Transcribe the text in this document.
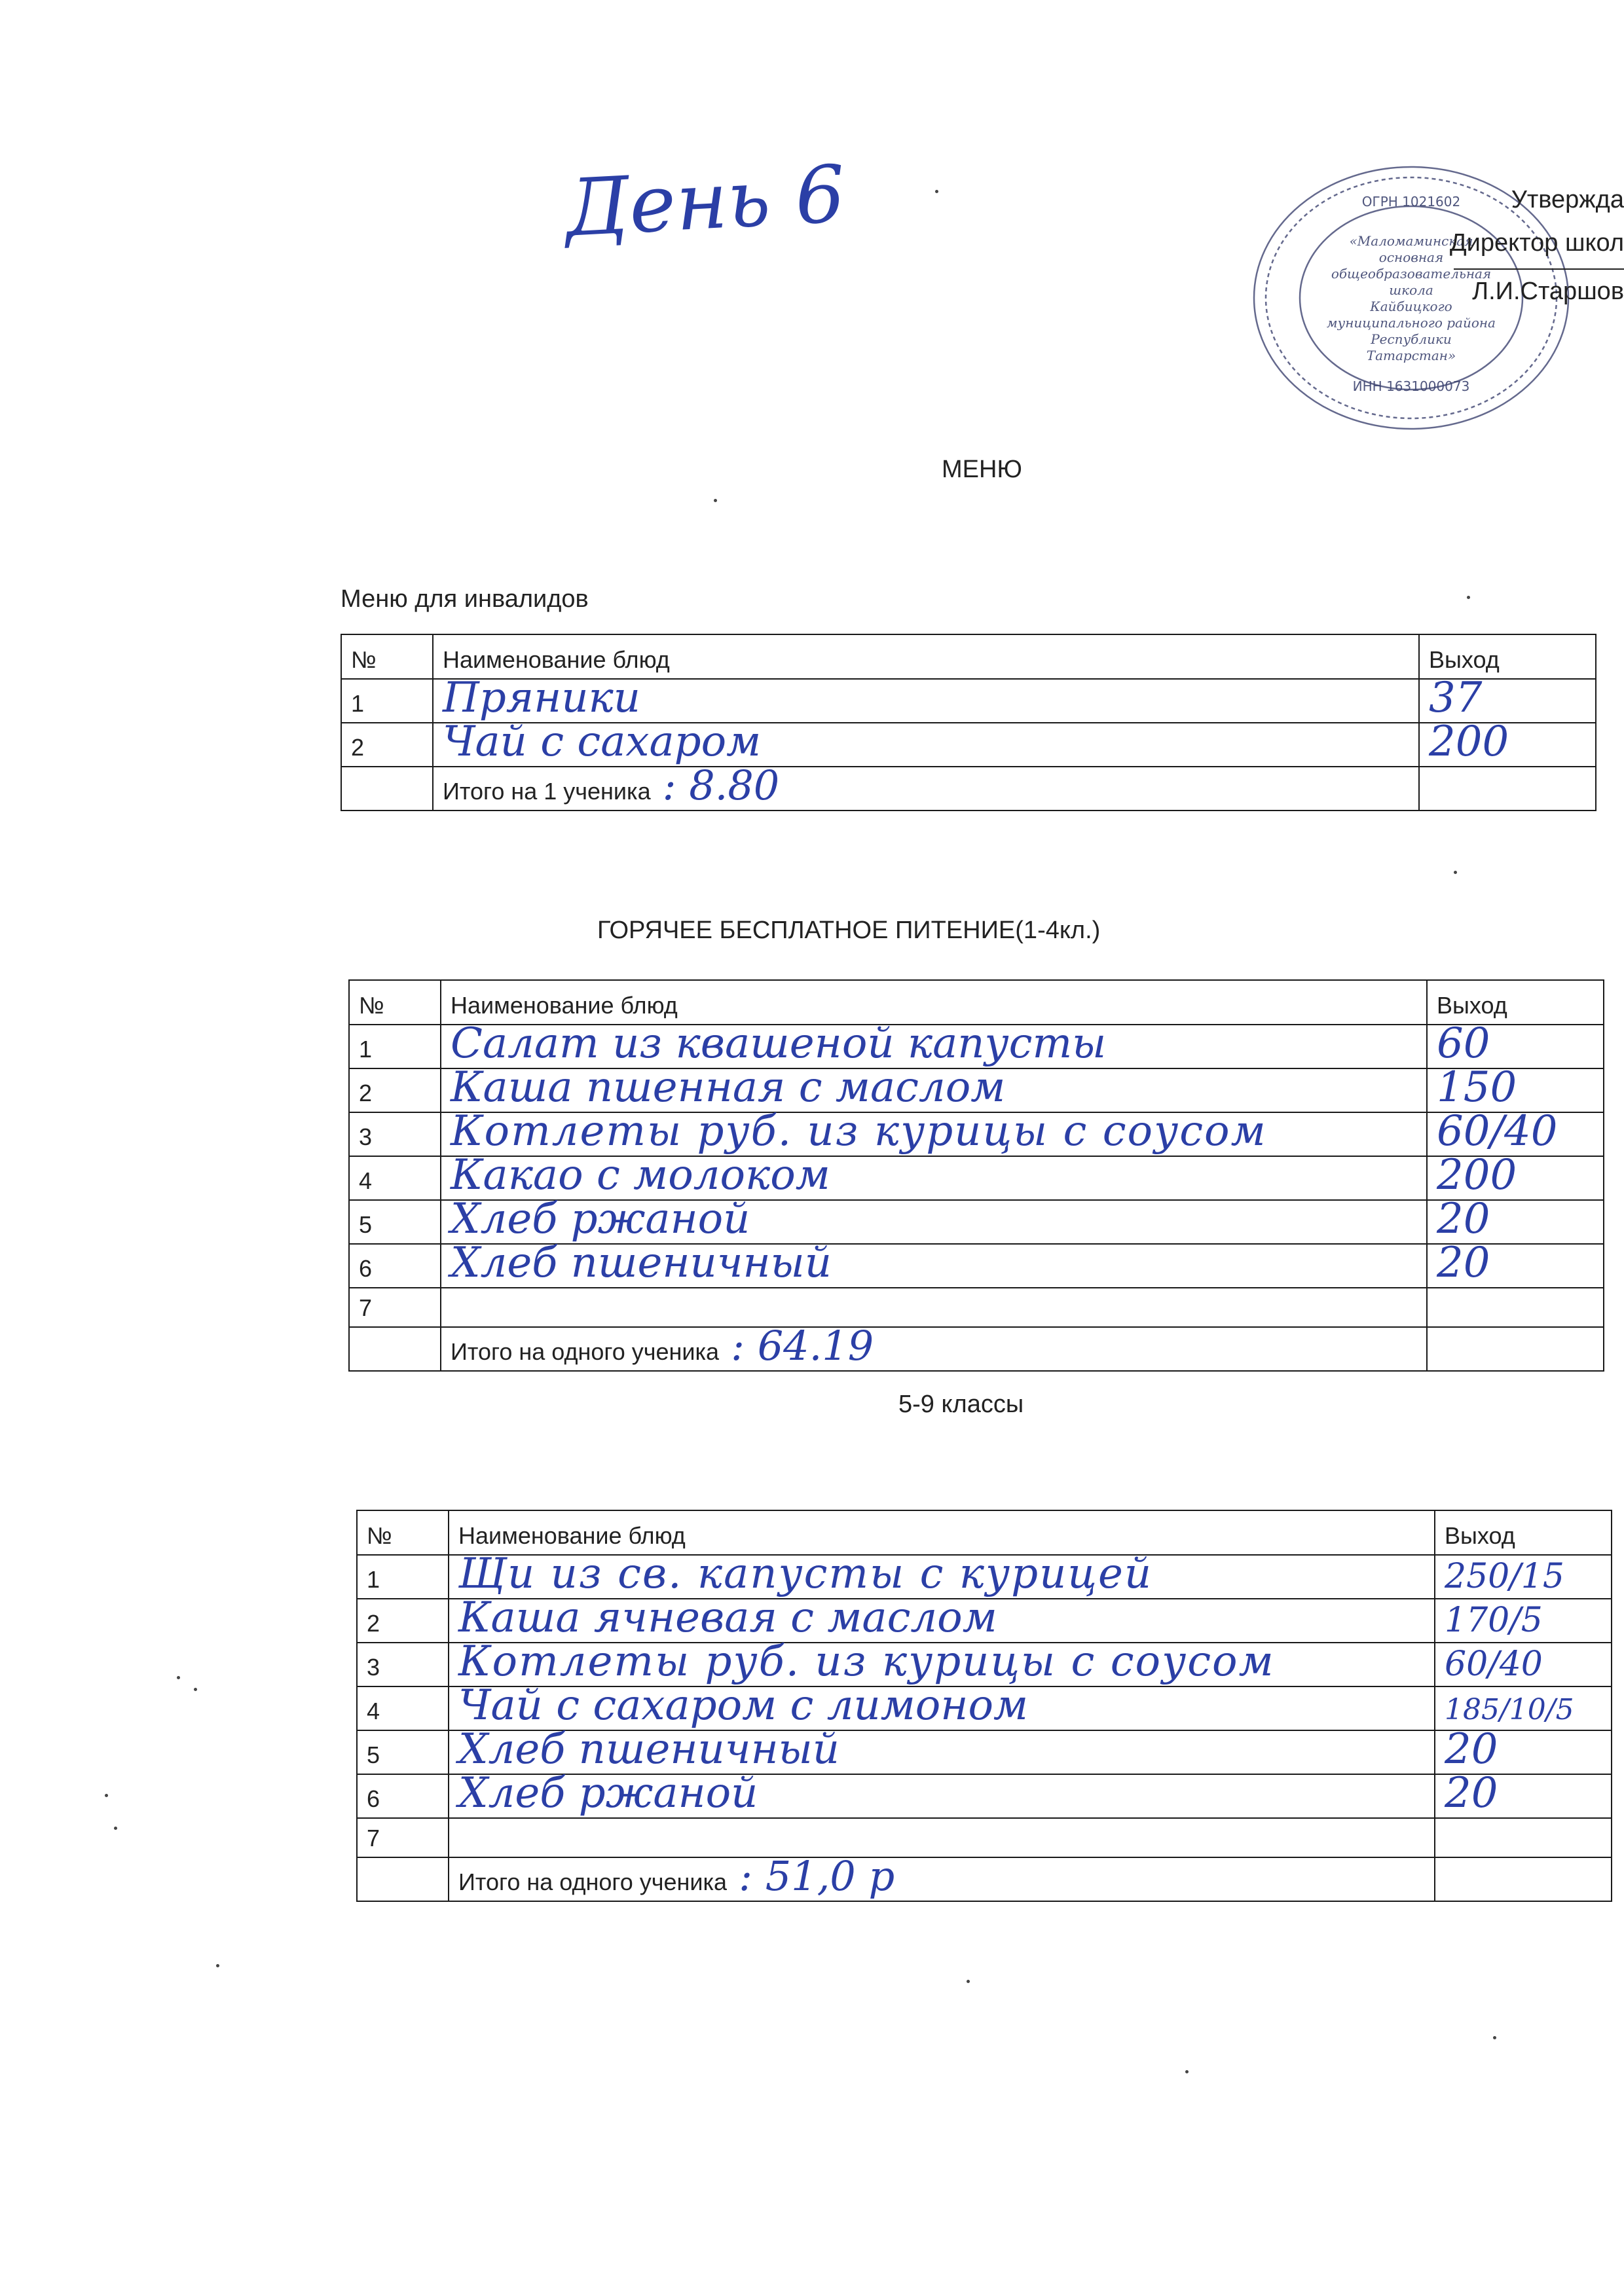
День 6	«Маломаминская
основная
общеобразовательная
школа
Кайбицкого
муниципального района
Республики
Татарстан»
ИНН 1631000073
ОГРН 1021602	Утвержда
Директор школ
Л.И.Старшов
МЕНЮ
Меню для инвалидов
№	Наименование блюд	Выход
1	Пряники	37
2	Чай с сахаром	200
	Итого на 1 ученика : 8.80	
ГОРЯЧЕЕ БЕСПЛАТНОЕ ПИТЕНИЕ(1-4кл.)
№	Наименование блюд	Выход
1	Салат из квашеной капусты	60
2	Каша пшенная с маслом	150
3	Котлеты руб. из курицы с соусом	60/40
4	Какао с молоком	200
5	Хлеб ржаной	20
6	Хлеб пшеничный	20
7		
	Итого на одного ученика : 64.19	
5-9 классы
№	Наименование блюд	Выход
1	Щи из св. капусты с курицей	250/15
2	Каша ячневая с маслом	170/5
3	Котлеты руб. из курицы с соусом	60/40
4	Чай с сахаром с лимоном	185/10/5
5	Хлеб пшеничный	20
6	Хлеб ржаной	20
7		
	Итого на одного ученика : 51,0 р	
